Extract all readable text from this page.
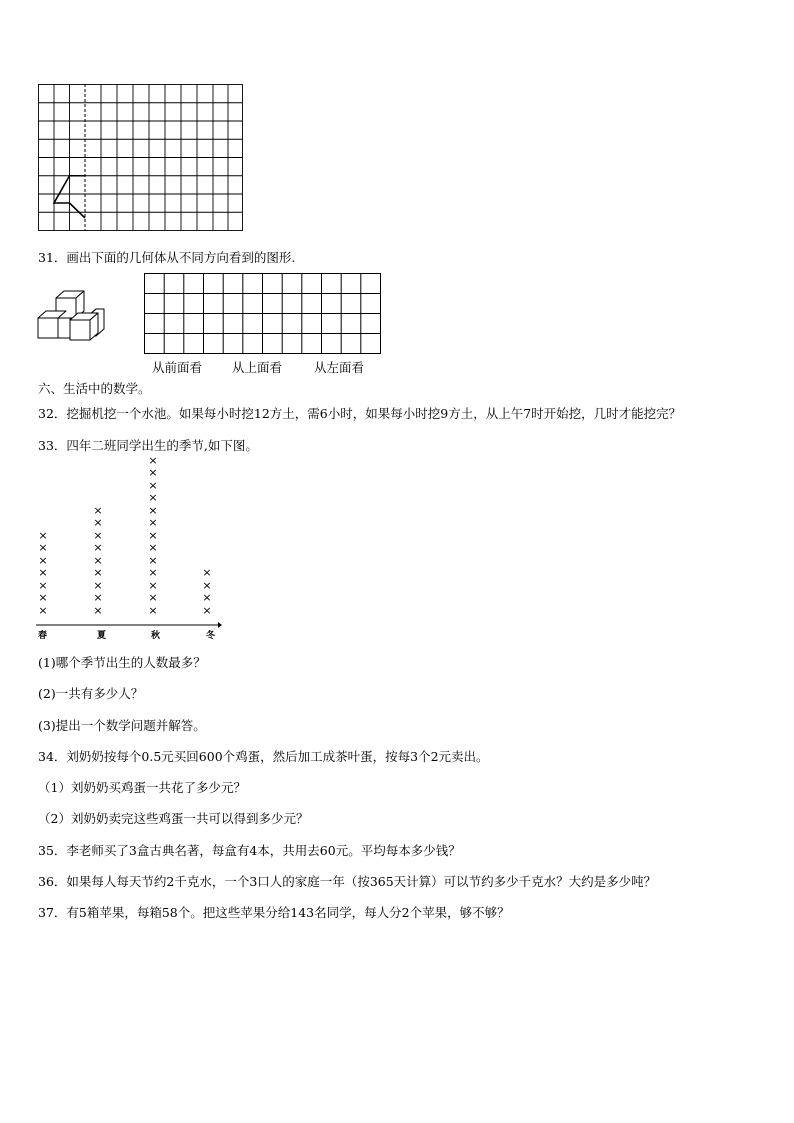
31．画出下面的几何体从不同方向看到的图形.
从前面看 从上面看	从左面看
六、生活中的数学。
32．挖掘机挖一个水池。如果每小时挖12方土，需6小时，如果每小时挖9方土，从上午7时开始挖，几时才能挖完？
33．四年二班同学出生的季节,如下图。
×
×
×
×
×
×
×
×
×
×
×
×
×
×
×
×
×
×
×
×
×
×
×
×
×
×
×
×
×
×
×
×
×
春	夏	秋	冬
(1)哪个季节出生的人数最多？
(2)一共有多少人？
(3)提出一个数学问题并解答。
34．刘奶奶按每个0.5元买回600个鸡蛋，然后加工成茶叶蛋，按每3个2元卖出。
（1）刘奶奶买鸡蛋一共花了多少元？
（2）刘奶奶卖完这些鸡蛋一共可以得到多少元？
35．李老师买了3盒古典名著，每盒有4本，共用去60元。平均每本多少钱？
36．如果每人每天节约2千克水，一个3口人的家庭一年（按365天计算）可以节约多少千克水？大约是多少吨？
37．有5箱苹果，每箱58个。把这些苹果分给143名同学，每人分2个苹果，够不够？
